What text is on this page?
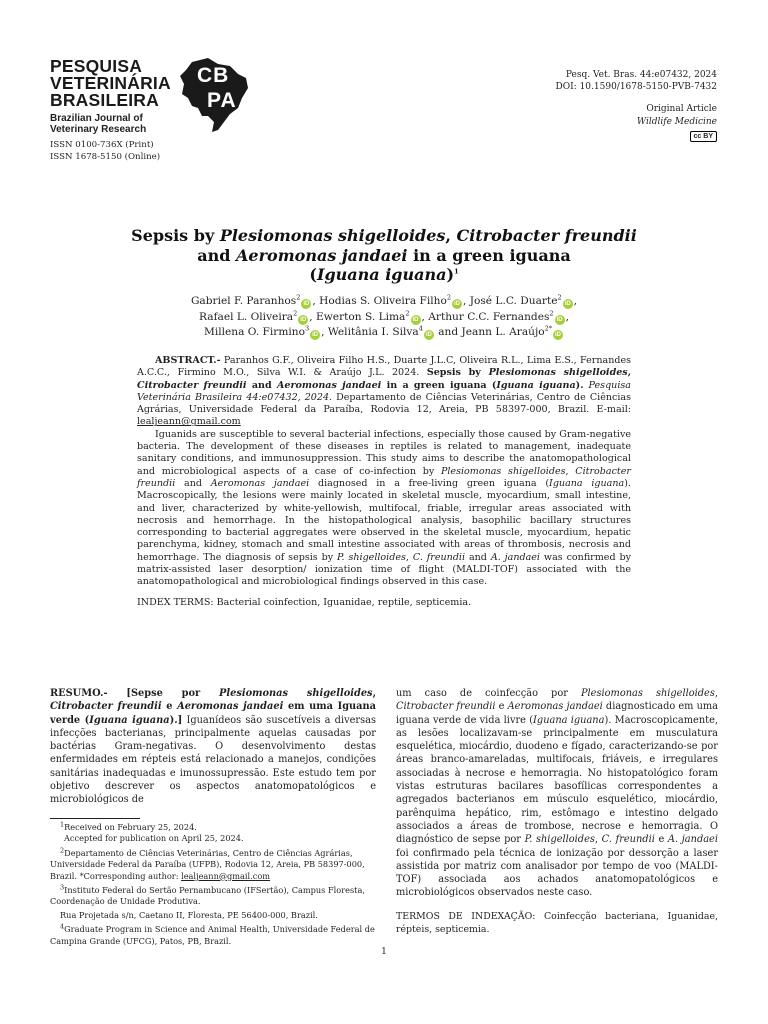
PESQUISA
VETERINÁRIA
BRASILEIRA
Brazilian Journal of
Veterinary Research
ISSN 0100-736X (Print)
ISSN 1678-5150 (Online)
CB
PA
Pesq. Vet. Bras. 44:e07432, 2024
DOI: 10.1590/1678-5150-PVB-7432
Original Article
Wildlife Medicine
cc BY
Sepsis by Plesiomonas shigelloides, Citrobacter freundii
and Aeromonas jandaei in a green iguana
(Iguana iguana)$^1$
Gabriel F. Paranhos$^2$iD , Hodias S. Oliveira Filho$^2$iD , José L.C. Duarte$^2$iD ,
Rafael L. Oliveira$^2$iD , Ewerton S. Lima$^2$iD , Arthur C.C. Fernandes$^2$iD ,
Millena O. Firmino$^3$iD , Welitânia I. Silva$^4$iD and Jeann L. Araújo$^{2*}$iD

ABSTRACT.- Paranhos G.F., Oliveira Filho H.S., Duarte J.L.C, Oliveira R.L., Lima E.S., Fernandes A.C.C., Firmino M.O., Silva W.I. & Araújo J.L. 2024. Sepsis by Plesiomonas shigelloides, Citrobacter freundii and Aeromonas jandaei in a green iguana (Iguana iguana). Pesquisa Veterinária Brasileira 44:e07432, 2024. Departamento de Ciências Veterinárias, Centro de Ciências Agrárias, Universidade Federal da Paraíba, Rodovia 12, Areia, PB 58397-000, Brazil. E-mail: lealjeann@gmail.com

Iguanids are susceptible to several bacterial infections, especially those caused by Gram-negative bacteria. The development of these diseases in reptiles is related to management, inadequate sanitary conditions, and immunosuppression. This study aims to describe the anatomopathological and microbiological aspects of a case of co-infection by Plesiomonas shigelloides, Citrobacter freundii and Aeromonas jandaei diagnosed in a free-living green iguana (Iguana iguana). Macroscopically, the lesions were mainly located in skeletal muscle, myocardium, small intestine, and liver, characterized by white-yellowish, multifocal, friable, irregular areas associated with necrosis and hemorrhage. In the histopathological analysis, basophilic bacillary structures corresponding to bacterial aggregates were observed in the skeletal muscle, myocardium, hepatic parenchyma, kidney, stomach and small intestine associated with areas of thrombosis, necrosis and hemorrhage. The diagnosis of sepsis by P. shigelloides, C. freundii and A. jandaei was confirmed by matrix-assisted laser desorption/ ionization time of flight (MALDI-TOF) associated with the anatomopathological and microbiological findings observed in this case.

INDEX TERMS: Bacterial coinfection, Iguanidae, reptile, septicemia.

RESUMO.- [Sepse por Plesiomonas shigelloides, Citrobacter freundii e Aeromonas jandaei em uma Iguana verde (Iguana iguana).] Iguanídeos são suscetíveis a diversas infecções bacterianas, principalmente aquelas causadas por bactérias Gram-negativas. O desenvolvimento destas enfermidades em répteis está relacionado a manejos, condições sanitárias inadequadas e imunossupressão. Este estudo tem por objetivo descrever os aspectos anatomopatológicos e microbiológicos de

$^1$Received on February 25, 2024.
Accepted for publication on April 25, 2024.
$^2$Departamento de Ciências Veterinárias, Centro de Ciências Agrárias, Universidade Federal da Paraíba (UFPB), Rodovia 12, Areia, PB 58397-000, Brazil. *Corresponding author: lealjeann@gmail.com
$^3$Instituto Federal do Sertão Pernambucano (IFSertão), Campus Floresta, Coordenação de Unidade Produtiva.
Rua Projetada s/n, Caetano II, Floresta, PE 56400-000, Brazil.
$^4$Graduate Program in Science and Animal Health, Universidade Federal de Campina Grande (UFCG), Patos, PB, Brazil.

um caso de coinfecção por Plesiomonas shigelloides, Citrobacter freundii e Aeromonas jandaei diagnosticado em uma iguana verde de vida livre (Iguana iguana). Macroscopicamente, as lesões localizavam-se principalmente em musculatura esquelética, miocárdio, duodeno e fígado, caracterizando-se por áreas branco-amareladas, multifocais, friáveis, e irregulares associadas à necrose e hemorragia. No histopatológico foram vistas estruturas bacilares basofílicas correspondentes a agregados bacterianos em músculo esquelético, miocárdio, parênquima hepático, rim, estômago e intestino delgado associados a áreas de trombose, necrose e hemorragia. O diagnóstico de sepse por P. shigelloides, C. freundii e A. jandaei foi confirmado pela técnica de ionização por dessorção a laser assistida por matriz com analisador por tempo de voo (MALDI-TOF) associada aos achados anatomopatológicos e microbiológicos observados neste caso.

TERMOS DE INDEXAÇÃO: Coinfecção bacteriana, Iguanidae, répteis, septicemia.

1
